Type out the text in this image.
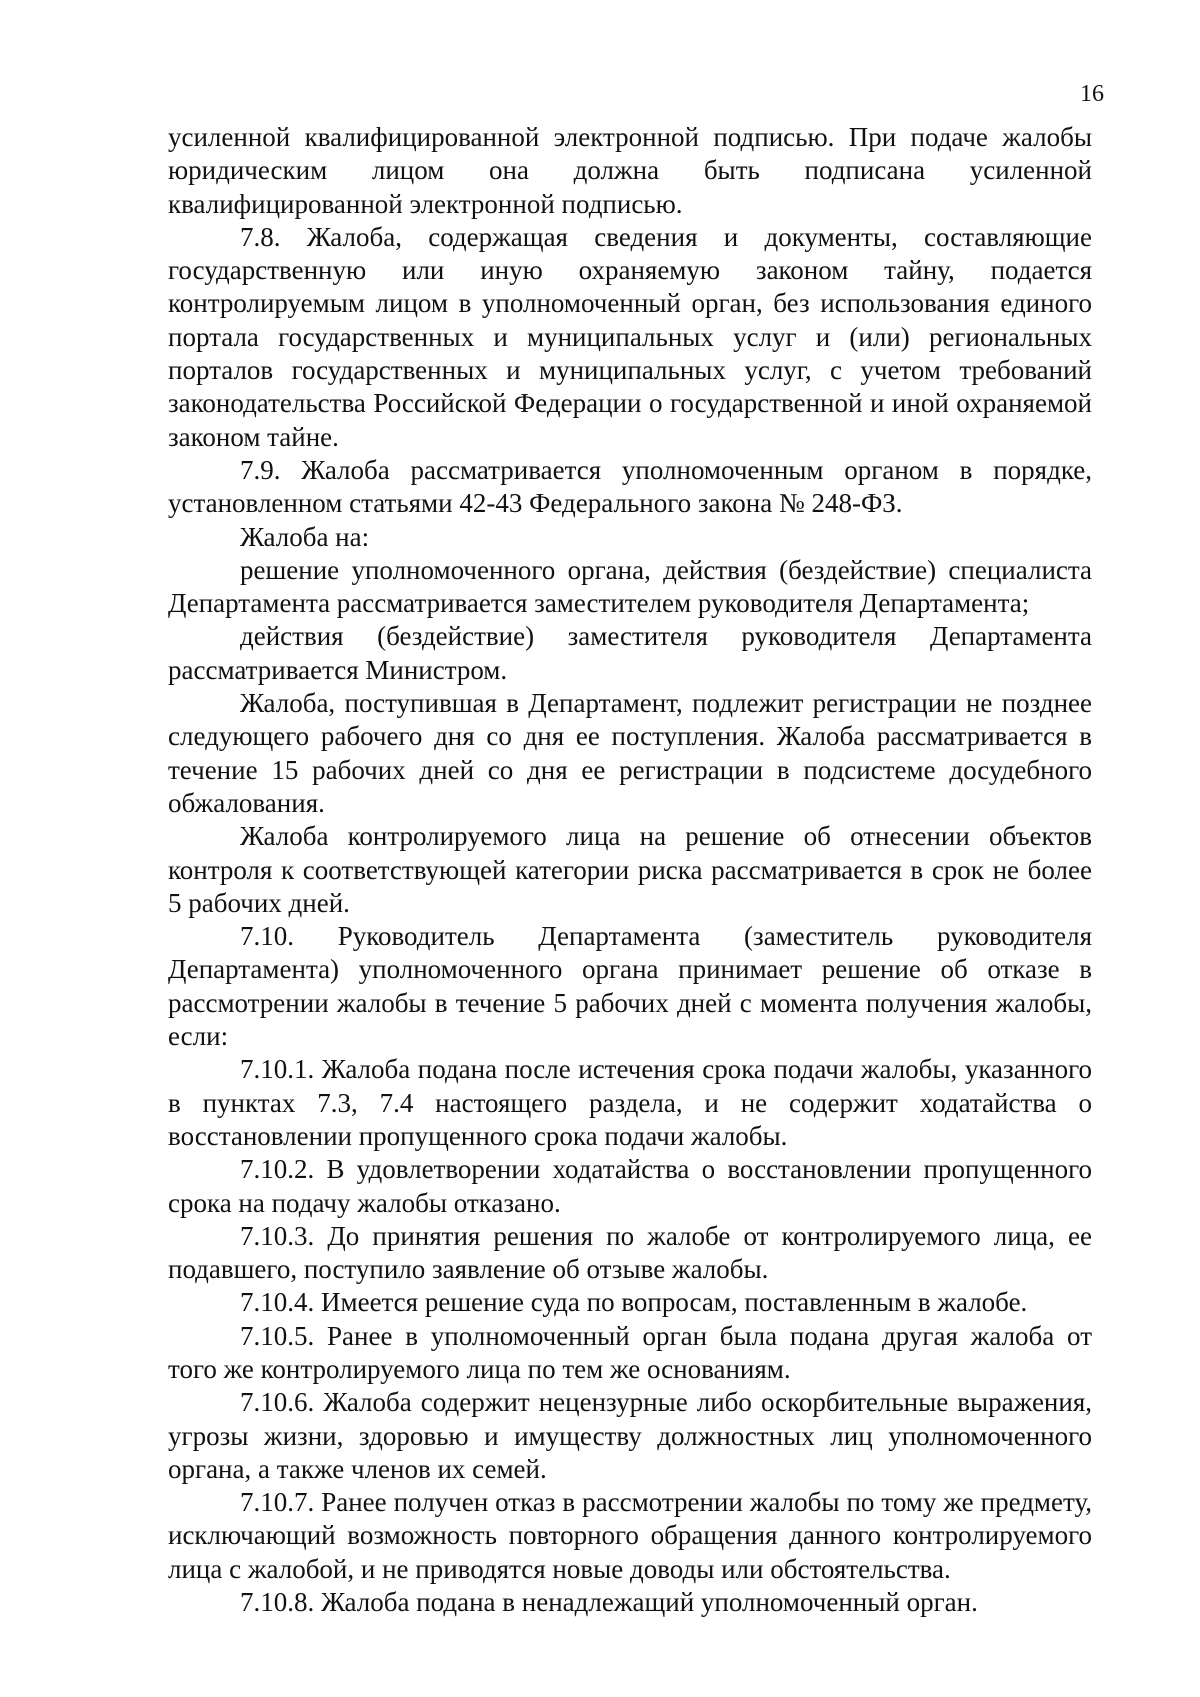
16

усиленной квалифицированной электронной подписью. При подаче жалобы юридическим лицом она должна быть подписана усиленной квалифицированной электронной подписью.

7.8. Жалоба, содержащая сведения и документы, составляющие государственную или иную охраняемую законом тайну, подается контролируемым лицом в уполномоченный орган, без использования единого портала государственных и муниципальных услуг и (или) региональных порталов государственных и муниципальных услуг, с учетом требований законодательства Российской Федерации о государственной и иной охраняемой законом тайне.

7.9. Жалоба рассматривается уполномоченным органом в порядке, установленном статьями 42-43 Федерального закона № 248-ФЗ.

Жалоба на:

решение уполномоченного органа, действия (бездействие) специалиста Департамента рассматривается заместителем руководителя Департамента;

действия (бездействие) заместителя руководителя Департамента рассматривается Министром.

Жалоба, поступившая в Департамент, подлежит регистрации не позднее следующего рабочего дня со дня ее поступления. Жалоба рассматривается в течение 15 рабочих дней со дня ее регистрации в подсистеме досудебного обжалования.

Жалоба контролируемого лица на решение об отнесении объектов контроля к соответствующей категории риска рассматривается в срок не более 5 рабочих дней.

7.10. Руководитель Департамента (заместитель руководителя Департамента) уполномоченного органа принимает решение об отказе в рассмотрении жалобы в течение 5 рабочих дней с момента получения жалобы, если:

7.10.1. Жалоба подана после истечения срока подачи жалобы, указанного в пунктах 7.3, 7.4 настоящего раздела, и не содержит ходатайства о восстановлении пропущенного срока подачи жалобы.

7.10.2. В удовлетворении ходатайства о восстановлении пропущенного срока на подачу жалобы отказано.

7.10.3. До принятия решения по жалобе от контролируемого лица, ее подавшего, поступило заявление об отзыве жалобы.

7.10.4. Имеется решение суда по вопросам, поставленным в жалобе.

7.10.5. Ранее в уполномоченный орган была подана другая жалоба от того же контролируемого лица по тем же основаниям.

7.10.6. Жалоба содержит нецензурные либо оскорбительные выражения, угрозы жизни, здоровью и имуществу должностных лиц уполномоченного органа, а также членов их семей.

7.10.7. Ранее получен отказ в рассмотрении жалобы по тому же предмету, исключающий возможность повторного обращения данного контролируемого лица с жалобой, и не приводятся новые доводы или обстоятельства.

7.10.8. Жалоба подана в ненадлежащий уполномоченный орган.
